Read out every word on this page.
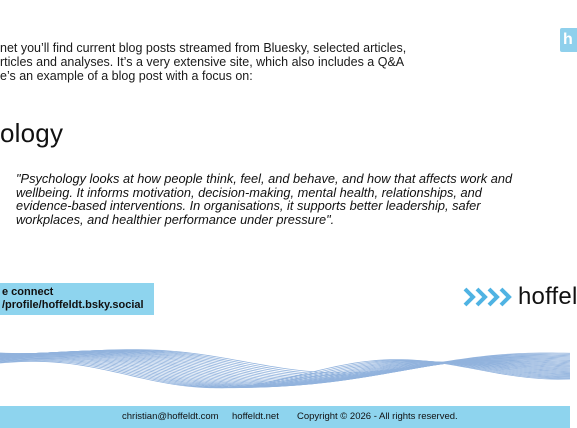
net you’ll find current blog posts streamed from Bluesky, selected articles,
rticles and analyses. It’s a very extensive site, which also includes a Q&A
e’s an example of a blog post with a focus on:
ology
"Psychology looks at how people think, feel, and behave, and how that affects work and wellbeing. It informs motivation, decision-making, mental health, relationships, and evidence-based interventions. In organisations, it supports better leadership, safer workplaces, and healthier performance under pressure".
h
e connect
/profile/hoffeldt.bsky.social	hoffel
christian@hoffeldt.com hoffeldt.net Copyright © 2026 - All rights reserved.
